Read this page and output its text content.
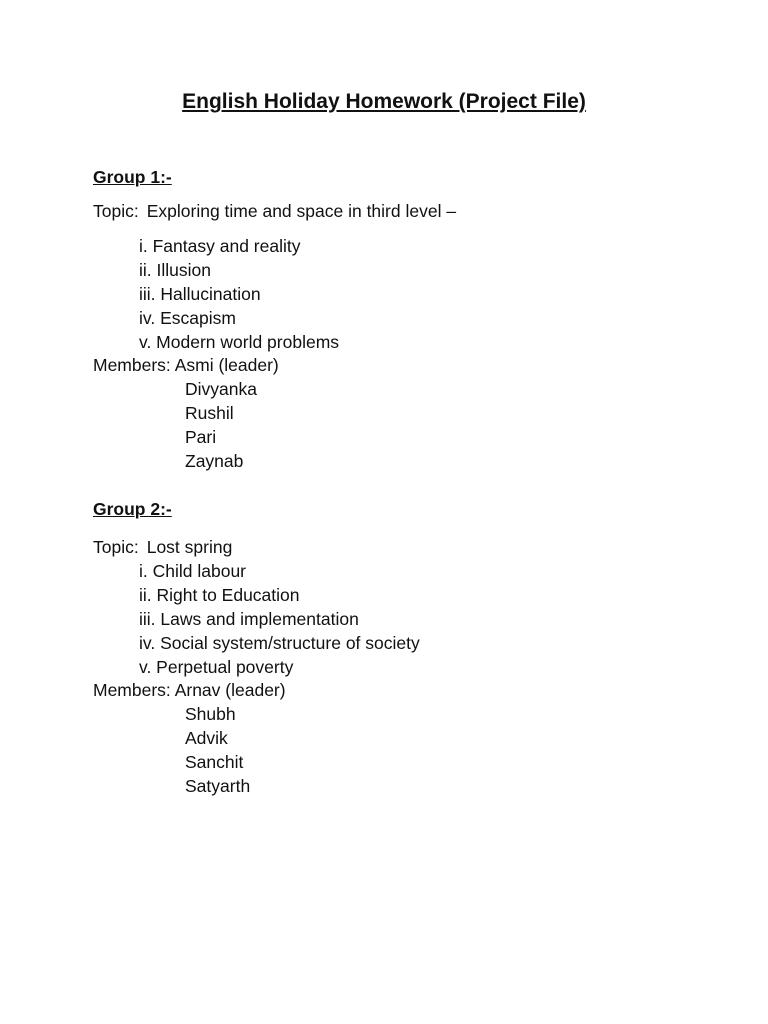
English Holiday Homework (Project File)
Group 1:-
Topic: Exploring time and space in third level –
i. Fantasy and reality
ii. Illusion
iii. Hallucination
iv. Escapism
v. Modern world problems
Members: Asmi (leader)
Divyanka
Rushil
Pari
Zaynab
Group 2:-
Topic: Lost spring
i. Child labour
ii. Right to Education
iii. Laws and implementation
iv. Social system/structure of society
v. Perpetual poverty
Members: Arnav (leader)
Shubh
Advik
Sanchit
Satyarth
